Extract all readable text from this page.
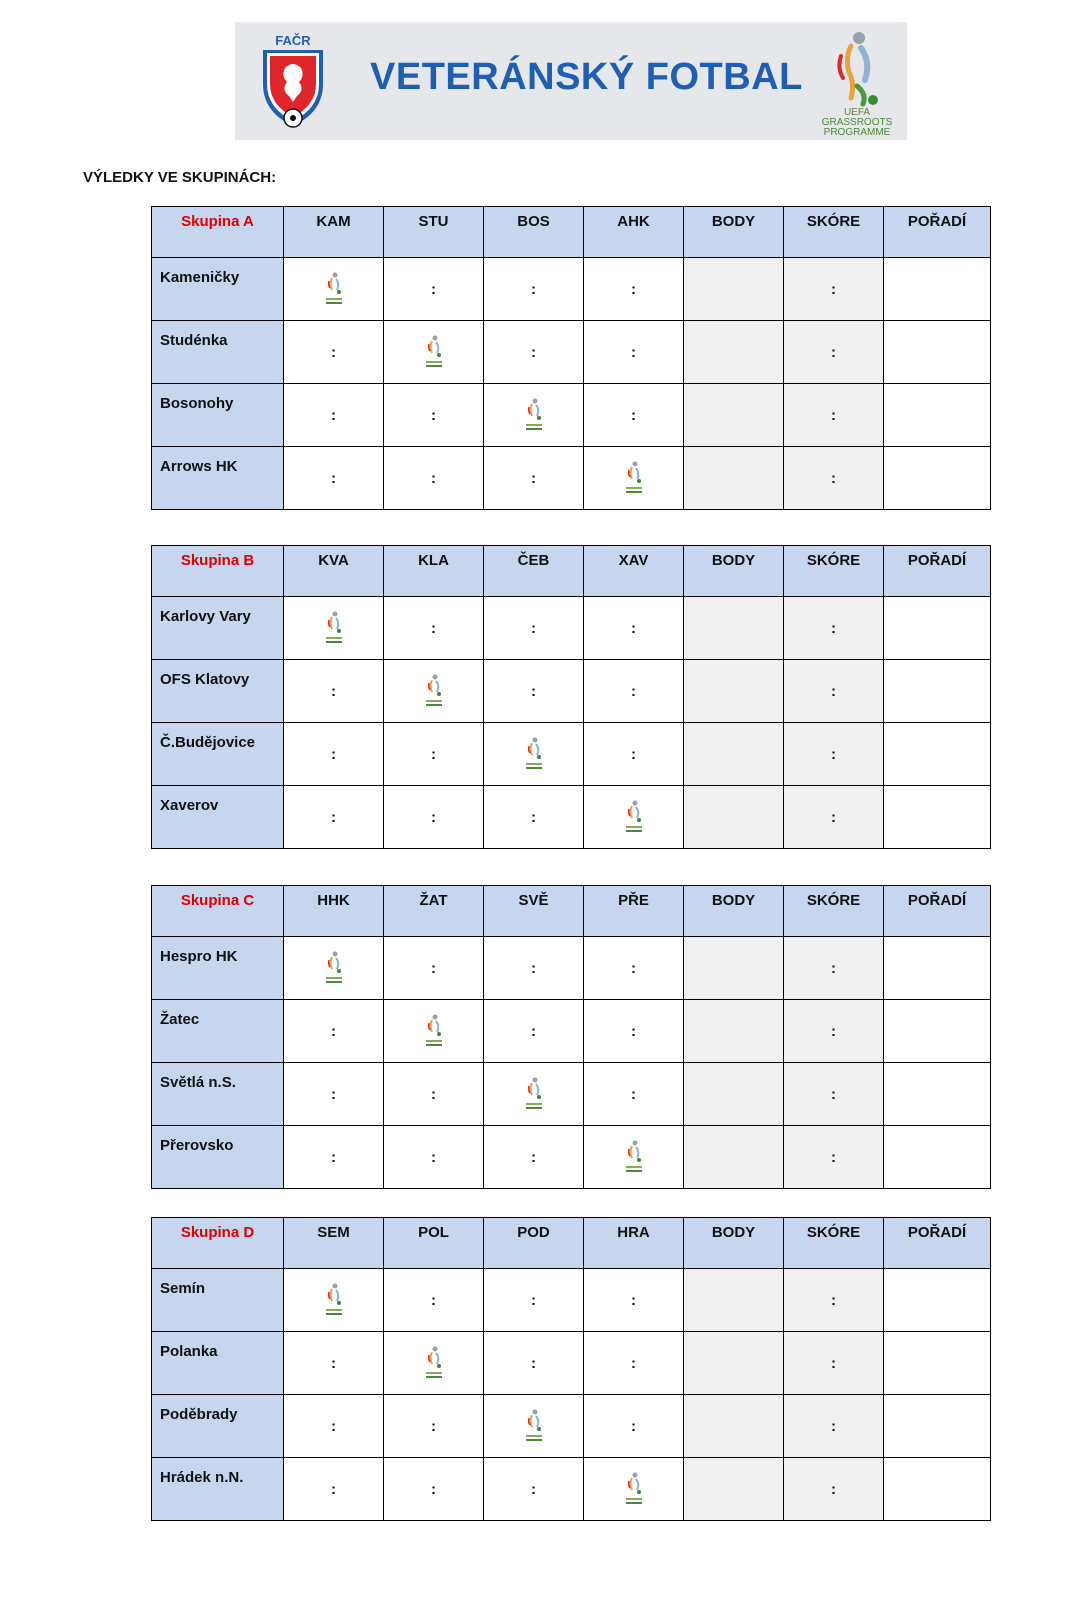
FAČR
VETERÁNSKÝ FOTBAL
UEFA
GRASSROOTS
PROGRAMME
VÝLEDKY VE SKUPINÁCH:
Skupina A	KAM	STU	BOS	AHK	BODY	SKÓRE	POŘADÍ
Kameničky		:	:	:		:	
Studénka	:		:	:		:	
Bosonohy	:	:		:		:	
Arrows HK	:	:	:			:	
Skupina B	KVA	KLA	ČEB	XAV	BODY	SKÓRE	POŘADÍ
Karlovy Vary		:	:	:		:	
OFS Klatovy	:		:	:		:	
Č.Budějovice	:	:		:		:	
Xaverov	:	:	:			:	
Skupina C	HHK	ŽAT	SVĚ	PŘE	BODY	SKÓRE	POŘADÍ
Hespro HK		:	:	:		:	
Žatec	:		:	:		:	
Světlá n.S.	:	:		:		:	
Přerovsko	:	:	:			:	
Skupina D	SEM	POL	POD	HRA	BODY	SKÓRE	POŘADÍ
Semín		:	:	:		:	
Polanka	:		:	:		:	
Poděbrady	:	:		:		:	
Hrádek n.N.	:	:	:			:	
